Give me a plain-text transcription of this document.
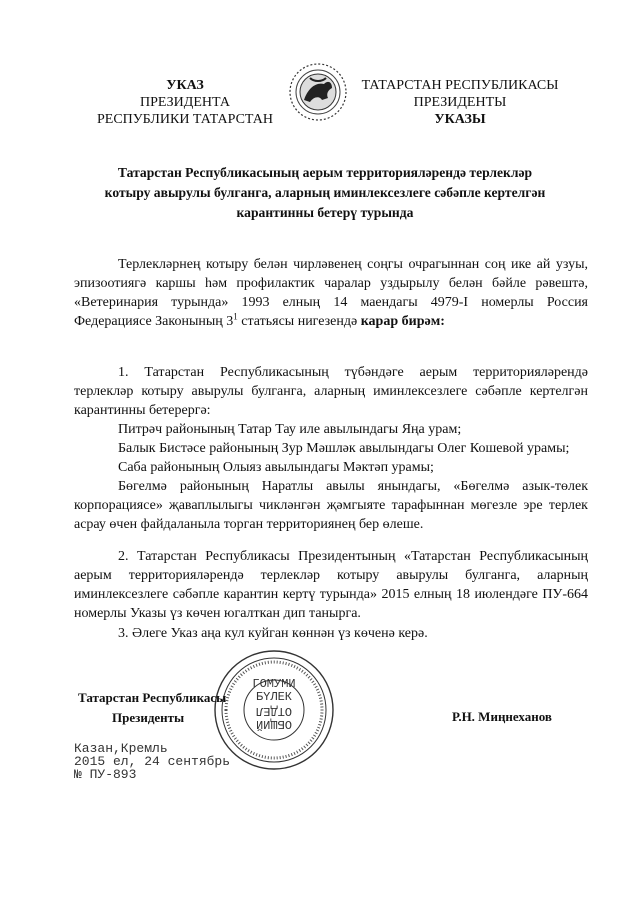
УКАЗ
ПРЕЗИДЕНТА
РЕСПУБЛИКИ ТАТАРСТАН
ТАТАРСТАН РЕСПУБЛИКАСЫ
ПРЕЗИДЕНТЫ
УКАЗЫ
Татарстан Республикасының аерым территорияләрендә терлекләр
котыру авырулы булганга, аларның иминлексезлеге сәбәпле кертелгән
карантинны бетерү турында
Терлекләрнең котыру белән чирләвенең соңгы очрагыннан соң ике ай узуы, эпизоотиягә каршы һәм профилактик чаралар уздырылу белән бәйле рәвештә, «Ветеринария турында» 1993 елның 14 маендагы 4979-I номерлы Россия Федерациясе Законының $3^1$ статьясы нигезендә карар бирәм:
1. Татарстан Республикасының түбәндәге аерым территорияләрендә терлекләр котыру авырулы булганга, аларның иминлексезлеге сәбәпле кертелгән карантинны бетерергә:
Питрәч районының Татар Тау иле авылындагы Яңа урам;
Балык Бистәсе районының Зур Мәшләк авылындагы Олег Кошевой урамы;
Саба районының Олыяз авылындагы Мәктәп урамы;
Бөгелмә районының Наратлы авылы янындагы, «Бөгелмә азык-төлек корпорациясе» җаваплылыгы чикләнгән җәмгыяте тарафыннан мөгезле эре терлек асрау өчен файдаланыла торган территориянең бер өлеше.
2. Татарстан Республикасы Президентының «Татарстан Республикасының аерым территорияләрендә терлекләр котыру авырулы булганга, аларның иминлексезлеге сәбәпле карантин кертү турында» 2015 елның 18 июлендәге ПУ-664 номерлы Указы үз көчен югалткан дип танырга.
3. Әлеге Указ аңа кул куйган көннән үз көченә керә.
ГОМУМИ
БҮЛЕК
ОТДЕЛ
ОБЩИЙ
Татарстан Республикасы
Президенты	Р.Н. Миңнеханов
Казан,Кремль
2015 ел, 24 сентябрь
№ ПУ-893
